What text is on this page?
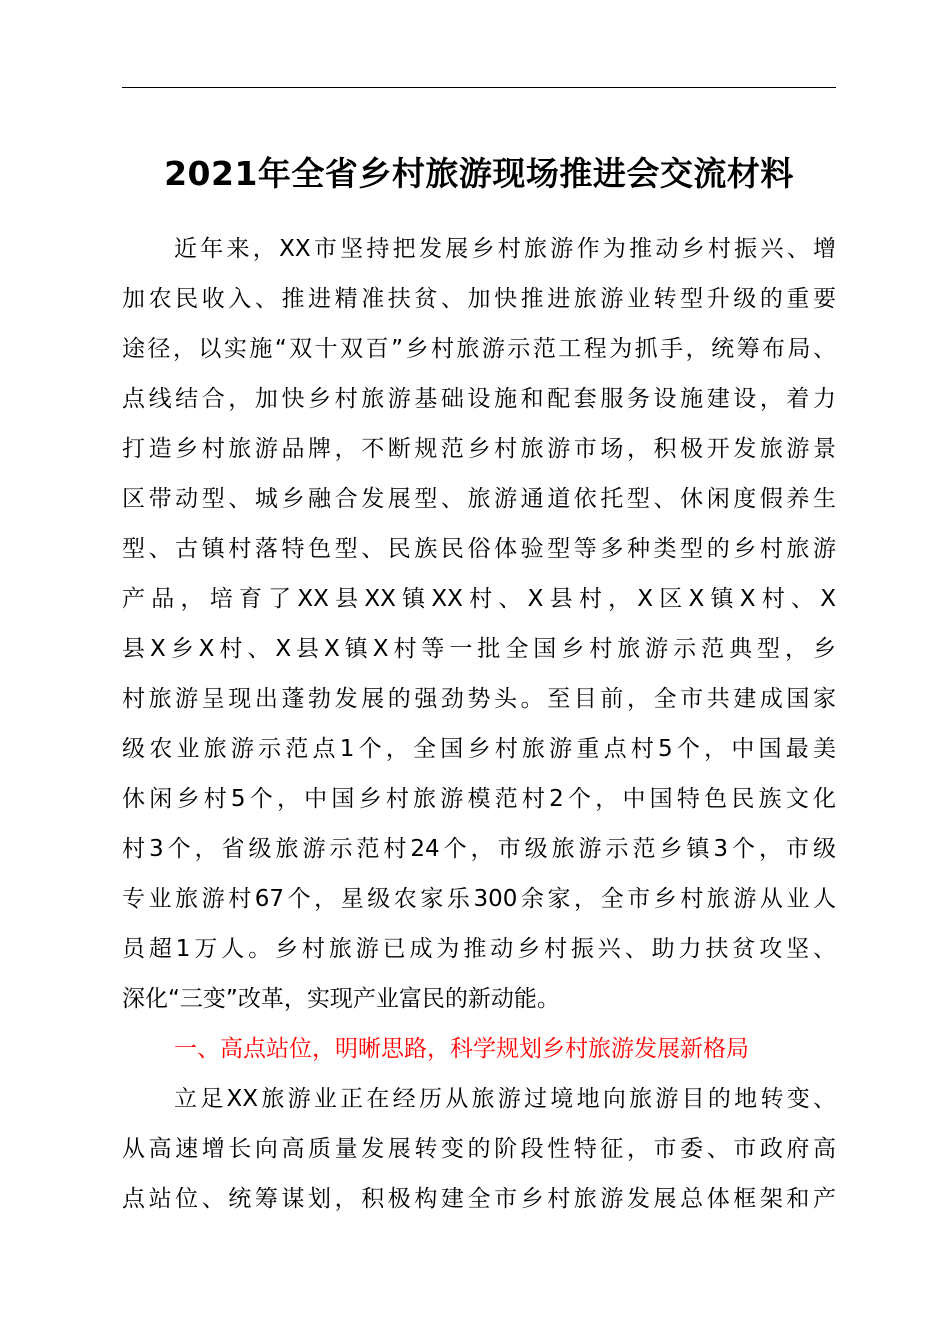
2021年全省乡村旅游现场推进会交流材料
近年来，XX市坚持把发展乡村旅游作为推动乡村振兴、增
加农民收入、推进精准扶贫、加快推进旅游业转型升级的重要
途径，以实施“双十双百”乡村旅游示范工程为抓手，统筹布局、
点线结合，加快乡村旅游基础设施和配套服务设施建设，着力
打造乡村旅游品牌，不断规范乡村旅游市场，积极开发旅游景
区带动型、城乡融合发展型、旅游通道依托型、休闲度假养生
型、古镇村落特色型、民族民俗体验型等多种类型的乡村旅游
产品，培育了XX县XX镇XX村、X县村，X区X镇X村、X
县X乡X村、X县X镇X村等一批全国乡村旅游示范典型，乡
村旅游呈现出蓬勃发展的强劲势头。至目前，全市共建成国家
级农业旅游示范点1个，全国乡村旅游重点村5个，中国最美
休闲乡村5个，中国乡村旅游模范村2个，中国特色民族文化
村3个，省级旅游示范村24个，市级旅游示范乡镇3个，市级
专业旅游村67个，星级农家乐300余家，全市乡村旅游从业人
员超1万人。乡村旅游已成为推动乡村振兴、助力扶贫攻坚、
深化“三变”改革，实现产业富民的新动能。
一、高点站位，明晰思路，科学规划乡村旅游发展新格局
立足XX旅游业正在经历从旅游过境地向旅游目的地转变、
从高速增长向高质量发展转变的阶段性特征，市委、市政府高
点站位、统筹谋划，积极构建全市乡村旅游发展总体框架和产
